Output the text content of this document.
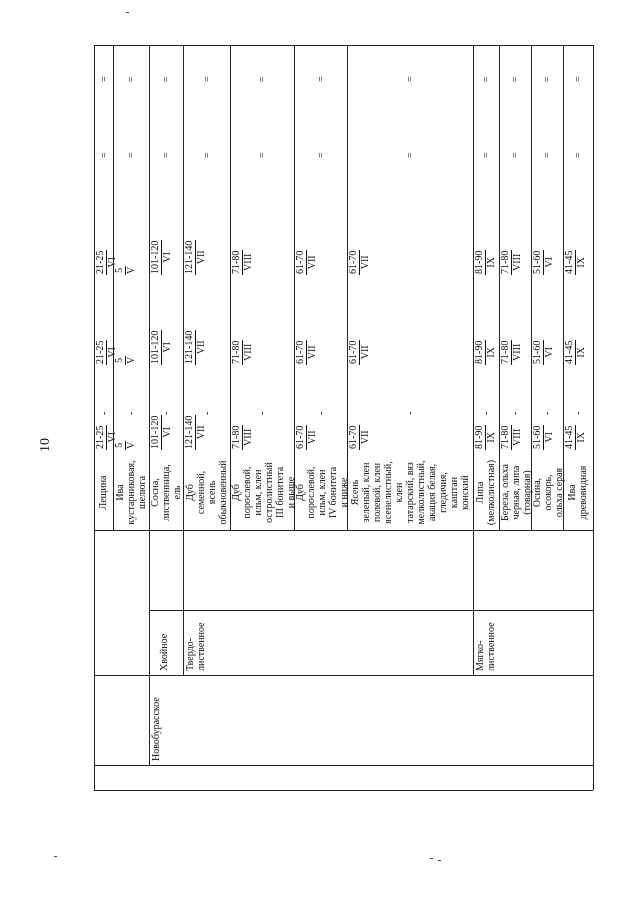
10
Лещина
-
=
=
Ива
кустарниковая,
шелюга
-
=
=
Сосна,
лиственница,
ель
-
=
=
Дуб
семенной,
ясень
обыкновенный
-
=
=
Дуб
порослевой,
ильм, клен
остролистный
III бонитета
и выше
-
=
=
Дуб
порослевой,
ильм, клен
IV бонитета
и ниже
-
=
=
Ясень
зеленый, клен
полевой, клен
ясенелистный,
клен
татарский, вяз
мелколистный,
акация белая,
гледичия,
каштан
конский
-
=
=
Липа
(мелколистная)
-
=
=
Береза, ольха
черная, липа
(товарная)
-
=
=
Осина,
осокорь,
ольха серая
-
=
=
Ива
древовидная
-
=
=
21-25 VI
21-25 VI
21-25 VI
5 V
5 V
5 V
101-120 VI
101-120 VI
101-120 VI
121-140 VII
121-140 VII
121-140 VII
71-80 VIII
71-80 VIII
71-80 VIII
61-70 VII
61-70 VII
61-70 VII
61-70 VII
61-70 VII
61-70 VII
81-90 IX
81-90 IX
81-90 IX
71-80 VIII
71-80 VIII
71-80 VIII
51-60 VI
51-60 VI
51-60 VI
41-45 IX
41-45 IX
41-45 IX
Хвойное Твердо-
лиственное	Мягко-
лиственное
Новобурасское
